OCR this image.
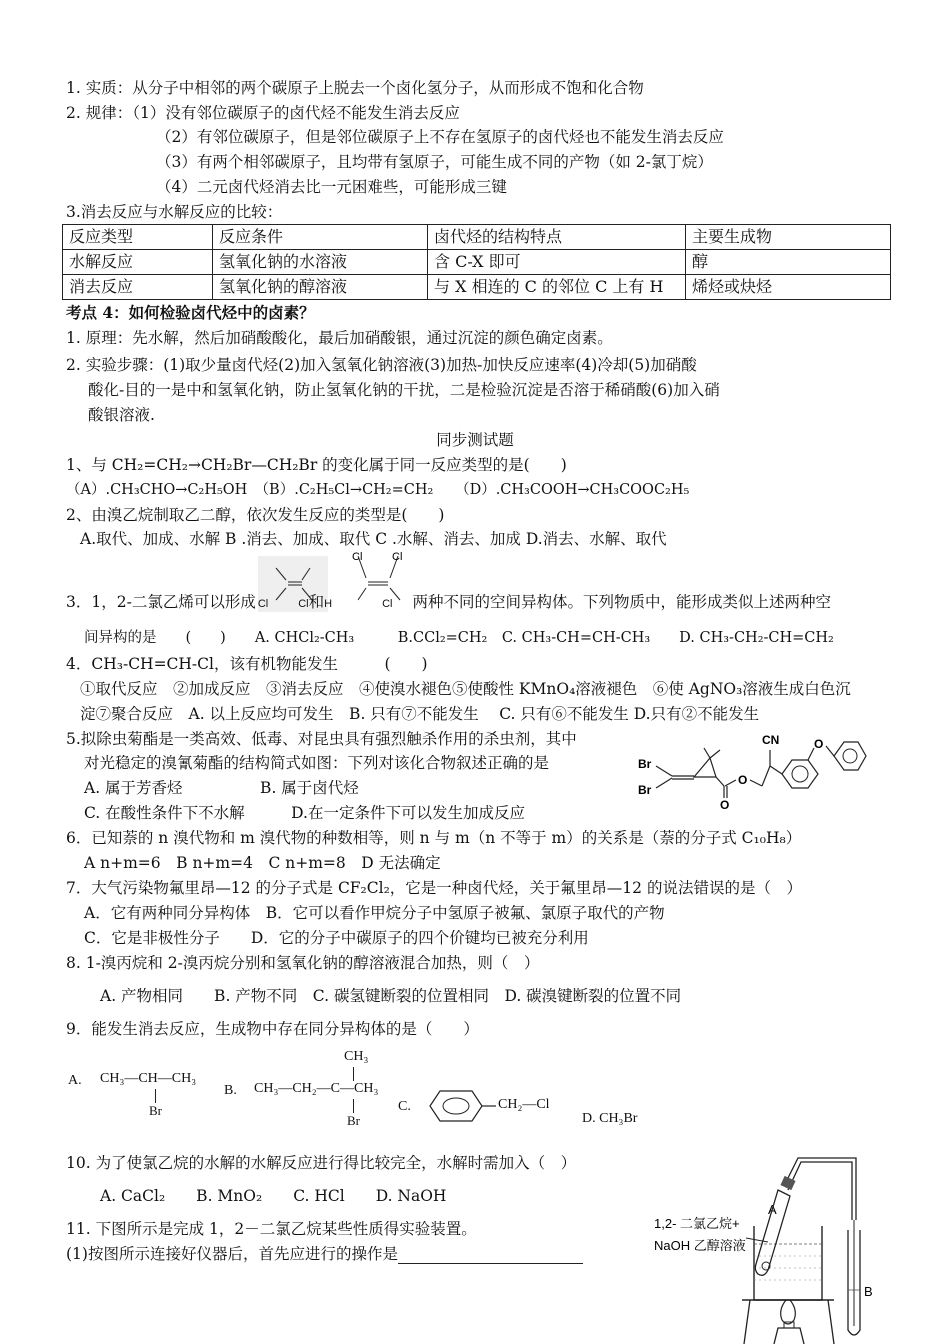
1. 实质：从分子中相邻的两个碳原子上脱去一个卤化氢分子，从而形成不饱和化合物
2. 规律：（1）没有邻位碳原子的卤代烃不能发生消去反应
（2）有邻位碳原子，但是邻位碳原子上不存在氢原子的卤代烃也不能发生消去反应
（3）有两个相邻碳原子，且均带有氢原子，可能生成不同的产物（如 2-氯丁烷）
（4）二元卤代烃消去比一元困难些，可能形成三键
3.消去反应与水解反应的比较：
反应类型	反应条件	卤代烃的结构特点	主要生成物
水解反应	氢氧化钠的水溶液	含 C-X 即可	醇
消去反应	氢氧化钠的醇溶液	与 X 相连的 C 的邻位 C 上有 H	烯烃或炔烃
考点 4：如何检验卤代烃中的卤素？
1. 原理：先水解，然后加硝酸酸化，最后加硝酸银，通过沉淀的颜色确定卤素。
2. 实验步骤：(1)取少量卤代烃(2)加入氢氧化钠溶液(3)加热-加快反应速率(4)冷却(5)加硝酸
酸化-目的一是中和氢氧化钠，防止氢氧化钠的干扰，二是检验沉淀是否溶于稀硝酸(6)加入硝
酸银溶液.
同步测试题
1、与 CH₂=CH₂→CH₂Br—CH₂Br 的变化属于同一反应类型的是(　　)
（A）.CH₃CHO→C₂H₅OH　（B）.C₂H₅Cl→CH₂=CH₂　　（D）.CH₃COOH→CH₃COOC₂H₅
2、由溴乙烷制取乙二醇，依次发生反应的类型是(　　)
A.取代、加成、水解 B .消去、加成、取代 C .水解、消去、加成 D.消去、水解、取代
Cl	Cl
3．1，2-二氯乙烯可以形成 Cl	Cl和H	Cl 两种不同的空间异构体。下列物质中，能形成类似上述两种空
间异构的是　　(　　)　　A. CHCl₂-CH₃　　　B.CCl₂=CH₂　C. CH₃-CH=CH-CH₃　　D. CH₃-CH₂-CH=CH₂
4．CH₃-CH=CH-Cl，该有机物能发生　　　(　　)
①取代反应　②加成反应　③消去反应　④使溴水褪色⑤使酸性 KMnO₄溶液褪色　⑥使 AgNO₃溶液生成白色沉
淀⑦聚合反应　A. 以上反应均可发生　B. 只有⑦不能发生　 C. 只有⑥不能发生 D.只有②不能发生
5.拟除虫菊酯是一类高效、低毒、对昆虫具有强烈触杀作用的杀虫剂，其中
对光稳定的溴氰菊酯的结构简式如图：下列对该化合物叙述正确的是
A. 属于芳香烃　　　　　B. 属于卤代烃
C. 在酸性条件下不水解　　　D.在一定条件下可以发生加成反应
Br
Br
O
O
CN	O
6．已知萘的 n 溴代物和 m 溴代物的种数相等，则 n 与 m（n 不等于 m）的关系是（萘的分子式 C₁₀H₈）
A n+m=6　B n+m=4　C n+m=8　D 无法确定
7．大气污染物氟里昂—12 的分子式是 CF₂Cl₂，它是一种卤代烃，关于氟里昂—12 的说法错误的是（　）
A．它有两种同分异构体　B．它可以看作甲烷分子中氢原子被氟、氯原子取代的产物
C．它是非极性分子　　D．它的分子中碳原子的四个价键均已被充分利用
8. 1-溴丙烷和 2-溴丙烷分别和氢氧化钠的醇溶液混合加热，则（　）
A. 产物相同　　B. 产物不同　C. 碳氢键断裂的位置相同　D. 碳溴键断裂的位置不同
9．能发生消去反应，生成物中存在同分异构体的是（　　）
A. CH₃—CH—CH₃
Br
B.
CH₃
CH₃—CH₂—C—CH₃
Br
C.	CH₂—Cl
D. CH₃Br
10. 为了使氯乙烷的水解的水解反应进行得比较完全，水解时需加入（　）
A. CaCl₂　　B. MnO₂　　C. HCl　　D. NaOH
11. 下图所示是完成 1，2－二氯乙烷某些性质得实验装置。
(1)按图所示连接好仪器后，首先应进行的操作是
1,2- 二氯乙烷+
NaOH 乙醇溶液
A
B
